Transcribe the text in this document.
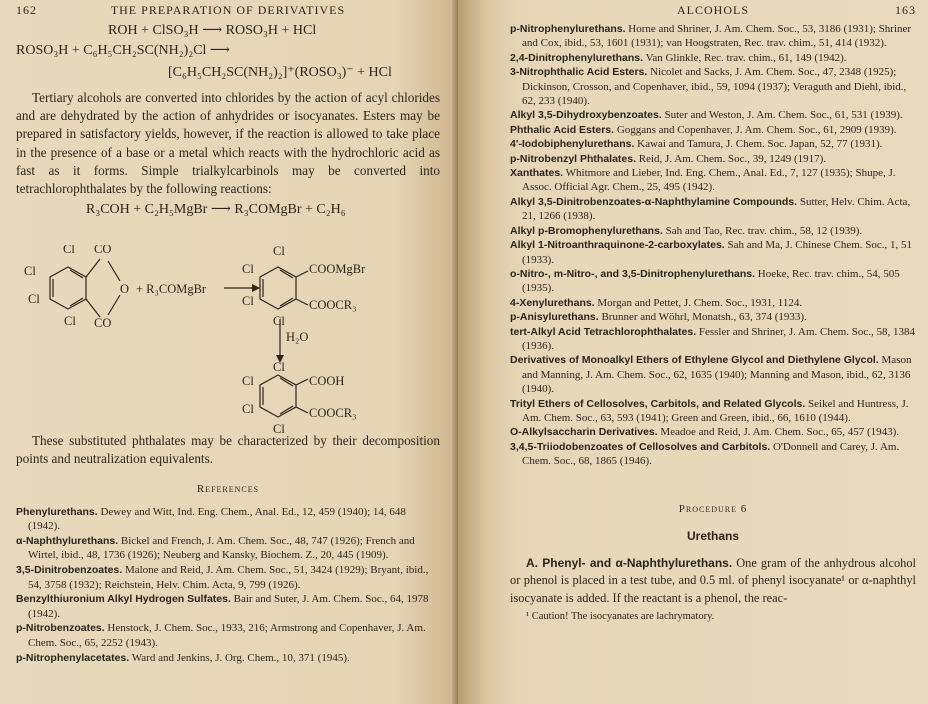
162	THE PREPARATION OF DERIVATIVES
ROH + ClSO₃H ⟶ ROSO₃H + HCl
ROSO₃H + C₆H₅CH₂SC(NH₂)₂Cl ⟶
[C₆H₅CH₂SC(NH₂)₂]⁺(ROSO₃)⁻ + HCl

Tertiary alcohols are converted into chlorides by the action of acyl chlorides and are dehydrated by the action of anhydrides or isocyanates. Esters may be prepared in satisfactory yields, however, if the reaction is allowed to take place in the presence of a base or a metal which reacts with the hydrochloric acid as fast as it forms. Simple trialkylcarbinols may be converted into tetrachlorophthalates by the following reactions:

R₃COH + C₂H₅MgBr ⟶ R₃COMgBr + C₂H₆

These substituted phthalates may be characterized by their decomposition points and neutralization equivalents.

References

Phenylurethans. Dewey and Witt, Ind. Eng. Chem., Anal. Ed., 12, 459 (1940); 14, 648 (1942).

α-Naphthylurethans. Bickel and French, J. Am. Chem. Soc., 48, 747 (1926); French and Wirtel, ibid., 48, 1736 (1926); Neuberg and Kansky, Biochem. Z., 20, 445 (1909).

3,5-Dinitrobenzoates. Malone and Reid, J. Am. Chem. Soc., 51, 3424 (1929); Bryant, ibid., 54, 3758 (1932); Reichstein, Helv. Chim. Acta, 9, 799 (1926).

Benzylthiuronium Alkyl Hydrogen Sulfates. Bair and Suter, J. Am. Chem. Soc., 64, 1978 (1942).

p-Nitrobenzoates. Henstock, J. Chem. Soc., 1933, 216; Armstrong and Copenhaver, J. Am. Chem. Soc., 65, 2252 (1943).

p-Nitrophenylacetates. Ward and Jenkins, J. Org. Chem., 10, 371 (1945).

Cl CO
Cl
Cl
Cl CO
O + R₃COMgBr
Cl
Cl
Cl
Cl
COOMgBr
COOCR₃
H₂O
Cl
Cl
Cl
Cl
COOH
COOCR₃
ALCOHOLS	163

p-Nitrophenylurethans. Horne and Shriner, J. Am. Chem. Soc., 53, 3186 (1931); Shriner and Cox, ibid., 53, 1601 (1931); van Hoogstraten, Rec. trav. chim., 51, 414 (1932).

2,4-Dinitrophenylurethans. Van Glinkle, Rec. trav. chim., 61, 149 (1942).

3-Nitrophthalic Acid Esters. Nicolet and Sacks, J. Am. Chem. Soc., 47, 2348 (1925); Dickinson, Crosson, and Copenhaver, ibid., 59, 1094 (1937); Veraguth and Diehl, ibid., 62, 233 (1940).

Alkyl 3,5-Dihydroxybenzoates. Suter and Weston, J. Am. Chem. Soc., 61, 531 (1939).

Phthalic Acid Esters. Goggans and Copenhaver, J. Am. Chem. Soc., 61, 2909 (1939).

4'-Iodobiphenylurethans. Kawai and Tamura, J. Chem. Soc. Japan, 52, 77 (1931).

p-Nitrobenzyl Phthalates. Reid, J. Am. Chem. Soc., 39, 1249 (1917).

Xanthates. Whitmore and Lieber, Ind. Eng. Chem., Anal. Ed., 7, 127 (1935); Shupe, J. Assoc. Official Agr. Chem., 25, 495 (1942).

Alkyl 3,5-Dinitrobenzoates-α-Naphthylamine Compounds. Sutter, Helv. Chim. Acta, 21, 1266 (1938).

Alkyl p-Bromophenylurethans. Sah and Tao, Rec. trav. chim., 58, 12 (1939).

Alkyl 1-Nitroanthraquinone-2-carboxylates. Sah and Ma, J. Chinese Chem. Soc., 1, 51 (1933).

o-Nitro-, m-Nitro-, and 3,5-Dinitrophenylurethans. Hoeke, Rec. trav. chim., 54, 505 (1935).

4-Xenylurethans. Morgan and Pettet, J. Chem. Soc., 1931, 1124.

p-Anisylurethans. Brunner and Wöhrl, Monatsh., 63, 374 (1933).

tert-Alkyl Acid Tetrachlorophthalates. Fessler and Shriner, J. Am. Chem. Soc., 58, 1384 (1936).

Derivatives of Monoalkyl Ethers of Ethylene Glycol and Diethylene Glycol. Mason and Manning, J. Am. Chem. Soc., 62, 1635 (1940); Manning and Mason, ibid., 62, 3136 (1940).

Trityl Ethers of Cellosolves, Carbitols, and Related Glycols. Seikel and Huntress, J. Am. Chem. Soc., 63, 593 (1941); Green and Green, ibid., 66, 1610 (1944).

O-Alkylsaccharin Derivatives. Meadoe and Reid, J. Am. Chem. Soc., 65, 457 (1943).

3,4,5-Triiodobenzoates of Cellosolves and Carbitols. O'Donnell and Carey, J. Am. Chem. Soc., 68, 1865 (1946).

Procedure 6
Urethans

A. Phenyl- and α-Naphthylurethans. One gram of the anhydrous alcohol or phenol is placed in a test tube, and 0.5 ml. of phenyl isocyanate¹ or α-naphthyl isocyanate is added. If the reactant is a phenol, the reac-

¹ Caution! The isocyanates are lachrymatory.
